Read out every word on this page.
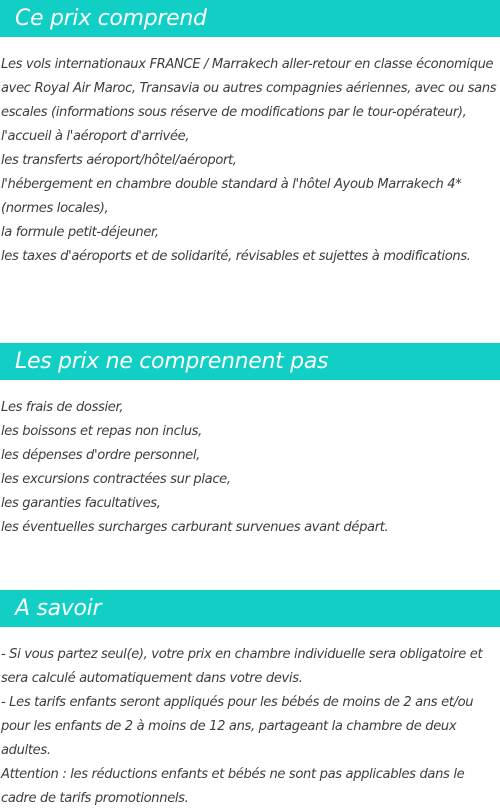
Ce prix comprend
Les vols internationaux FRANCE / Marrakech aller-retour en classe économique avec Royal Air Maroc, Transavia ou autres compagnies aériennes, avec ou sans escales (informations sous réserve de modifications par le tour-opérateur),
l'accueil à l'aéroport d'arrivée,
les transferts aéroport/hôtel/aéroport,
l'hébergement en chambre double standard à l'hôtel Ayoub Marrakech 4* (normes locales),
la formule petit-déjeuner,
les taxes d'aéroports et de solidarité, révisables et sujettes à modifications.
Les prix ne comprennent pas
Les frais de dossier,
les boissons et repas non inclus,
les dépenses d'ordre personnel,
les excursions contractées sur place,
les garanties facultatives,
les éventuelles surcharges carburant survenues avant départ.
A savoir
- Si vous partez seul(e), votre prix en chambre individuelle sera obligatoire et sera calculé automatiquement dans votre devis.
- Les tarifs enfants seront appliqués pour les bébés de moins de 2 ans et/ou pour les enfants de 2 à moins de 12 ans, partageant la chambre de deux adultes.
Attention : les réductions enfants et bébés ne sont pas applicables dans le cadre de tarifs promotionnels.
